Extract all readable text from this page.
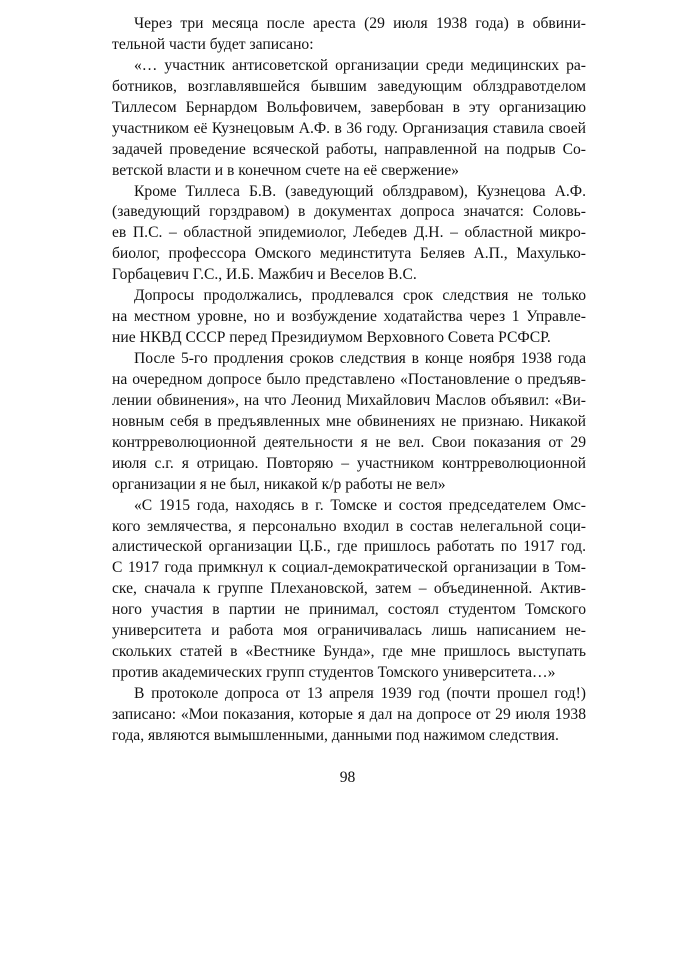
Через три месяца после ареста (29 июля 1938 года) в обвини-
тельной части будет записано:
«… участник антисоветской организации среди медицинских ра-
ботников, возглавлявшейся бывшим заведующим облздравотделом
Тиллесом Бернардом Вольфовичем, завербован в эту организацию
участником её Кузнецовым А.Ф. в 36 году. Организация ставила своей
задачей проведение всяческой работы, направленной на подрыв Со-
ветской власти и в конечном счете на её свержение»
Кроме Тиллеса Б.В. (заведующий облздравом), Кузнецова А.Ф.
(заведующий горздравом) в документах допроса значатся: Соловь-
ев П.С. – областной эпидемиолог, Лебедев Д.Н. – областной микро-
биолог, профессора Омского мединститута Беляев А.П., Махулько-
Горбацевич Г.С., И.Б. Мажбич и Веселов В.С.
Допросы продолжались, продлевался срок следствия не только
на местном уровне, но и возбуждение ходатайства через 1 Управле-
ние НКВД СССР перед Президиумом Верховного Совета РСФСР.
После 5-го продления сроков следствия в конце ноября 1938 года
на очередном допросе было представлено «Постановление о предъяв-
лении обвинения», на что Леонид Михайлович Маслов объявил: «Ви-
новным себя в предъявленных мне обвинениях не признаю. Никакой
контрреволюционной деятельности я не вел. Свои показания от 29
июля с.г. я отрицаю. Повторяю – участником контрреволюционной
организации я не был, никакой к/р работы не вел»
«С 1915 года, находясь в г. Томске и состоя председателем Омс-
кого землячества, я персонально входил в состав нелегальной соци-
алистической организации Ц.Б., где пришлось работать по 1917 год.
С 1917 года примкнул к социал-демократической организации в Том-
ске, сначала к группе Плехановской, затем – объединенной. Актив-
ного участия в партии не принимал, состоял студентом Томского
университета и работа моя ограничивалась лишь написанием не-
скольких статей в «Вестнике Бунда», где мне пришлось выступать
против академических групп студентов Томского университета…»
В протоколе допроса от 13 апреля 1939 год (почти прошел год!)
записано: «Мои показания, которые я дал на допросе от 29 июля 1938
года, являются вымышленными, данными под нажимом следствия.
98
